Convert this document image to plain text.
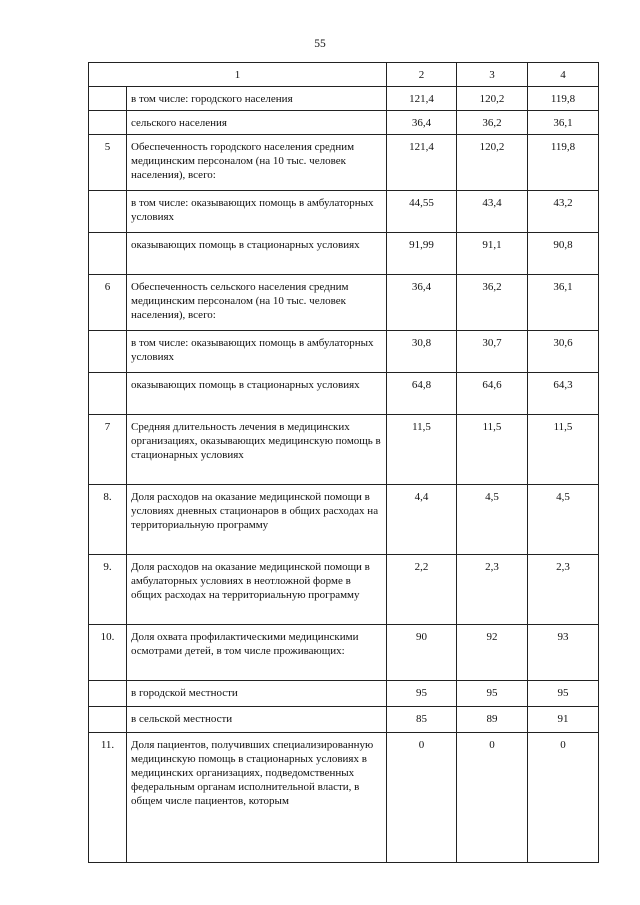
55
1		2	3	4
	в том числе: городского населения	121,4	120,2	119,8
	сельского населения	36,4	36,2	36,1
5	Обеспеченность городского населения средним медицинским персоналом (на 10 тыс. человек населения), всего:	121,4	120,2	119,8
	в том числе: оказывающих помощь в амбулаторных условиях	44,55	43,4	43,2
	оказывающих помощь в стационарных условиях	91,99	91,1	90,8
6	Обеспеченность сельского населения средним медицинским персоналом (на 10 тыс. человек населения), всего:	36,4	36,2	36,1
	в том числе: оказывающих помощь в амбулаторных условиях	30,8	30,7	30,6
	оказывающих помощь в стационарных условиях	64,8	64,6	64,3
7	Средняя длительность лечения в медицинских организациях, оказывающих медицинскую помощь в стационарных условиях	11,5	11,5	11,5
8.	Доля расходов на оказание медицинской помощи в условиях дневных стационаров в общих расходах на территориальную программу	4,4	4,5	4,5
9.	Доля расходов на оказание медицинской помощи в амбулаторных условиях в неотложной форме в общих расходах на территориальную программу	2,2	2,3	2,3
10.	Доля охвата профилактическими медицинскими осмотрами детей, в том числе проживающих:	90	92	93
	в городской местности	95	95	95
	в сельской местности	85	89	91
11.	Доля пациентов, получивших специализированную медицинскую помощь в стационарных условиях в медицинских организациях, подведомственных федеральным органам исполнительной власти, в общем числе пациентов, которым	0	0	0
